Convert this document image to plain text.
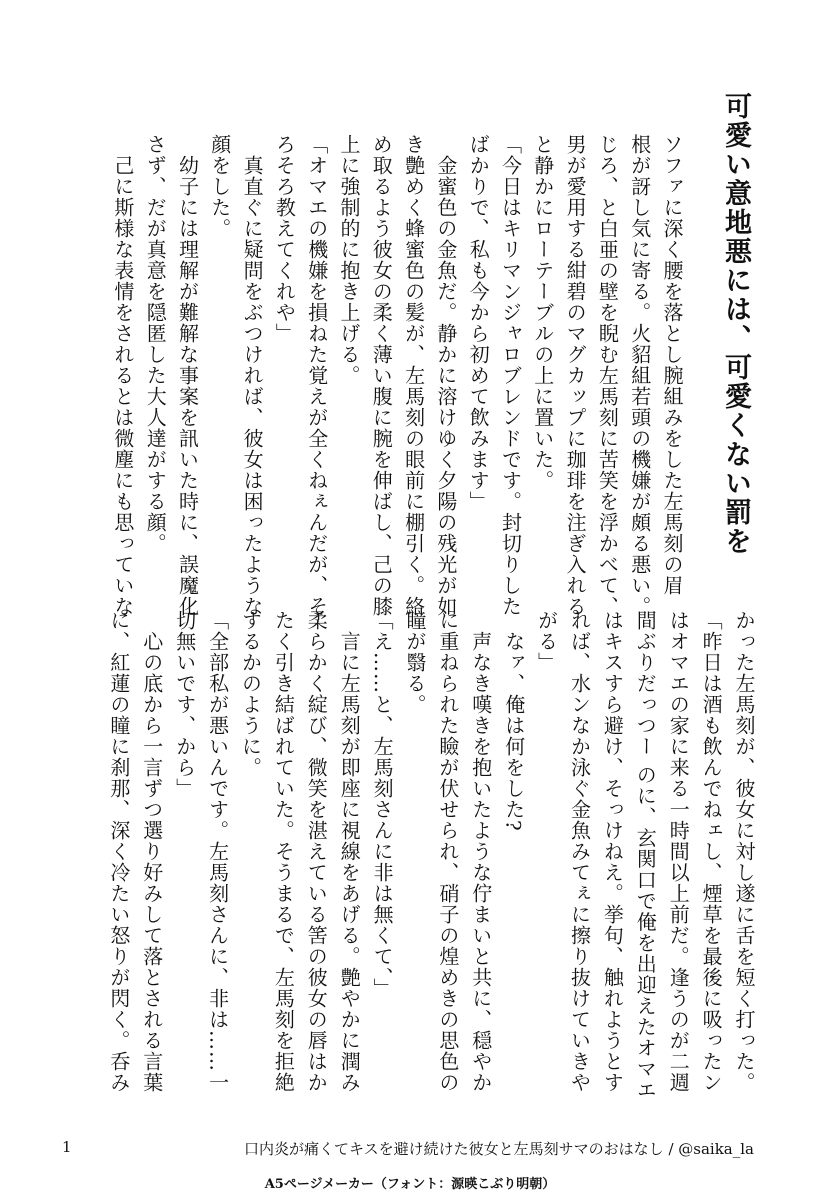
可愛い意地悪には、可愛くない罰を
ソファに深く腰を落とし腕組みをした左馬刻の眉
根が訝し気に寄る。火貂組若頭の機嫌が頗る悪い。
じろ、と白亜の壁を睨む左馬刻に苦笑を浮かべて、
男が愛用する紺碧のマグカップに珈琲を注ぎ入れる
と静かにローテーブルの上に置いた。
「今日はキリマンジャロブレンドです。封切りした
ばかりで、私も今から初めて飲みます」
　金蜜色の金魚だ。静かに溶けゆく夕陽の残光が如
き艶めく蜂蜜色の髪が、左馬刻の眼前に棚引く。絡
め取るよう彼女の柔く薄い腹に腕を伸ばし、己の膝
上に強制的に抱き上げる。
「オマエの機嫌を損ねた覚えが全くねぇんだが、そ
ろそろ教えてくれや」
　真直ぐに疑問をぶつければ、彼女は困ったような
顔をした。
　幼子には理解が難解な事案を訊いた時に、誤魔化
さず、だが真意を隠匿した大人達がする顔。
　己に斯様な表情をされるとは微塵にも思っていな
かった左馬刻が、彼女に対し遂に舌を短く打った。
「昨日は酒も飲んでねェし、煙草を最後に吸ったン
はオマエの家に来る一時間以上前だ。逢うのが二週
間ぶりだっつー のに、玄関口で俺を出迎えたオマエ
はキスすら避け、そっけねえ。挙句、触れようとす
れば、水ンなか泳ぐ金魚みてぇに擦り抜けていきや
がる」
　なァ、俺は何をした?
　声なき嘆きを抱いたような佇まいと共に、穏やか
に重ねられた瞼が伏せられ、硝子の煌めきの思色の
瞳が翳る。
「え……と、左馬刻さんに非は無くて、」
　言に左馬刻が即座に視線をあげる。艶やかに潤み
柔らかく綻び、微笑を湛えている筈の彼女の唇はか
たく引き結ばれていた。そうまるで、左馬刻を拒絶
するかのように。
「全部私が悪いんです。左馬刻さんに、非は……一
切無いです、から」
　心の底から一言ずつ選り好みして落とされる言葉
に、紅蓮の瞳に刹那、深く冷たい怒りが閃く。呑み
1	口内炎が痛くてキスを避け続けた彼女と左馬刻サマのおはなし / @saika_la
A5ページメーカー（フォント：源暎こぶり明朝）
